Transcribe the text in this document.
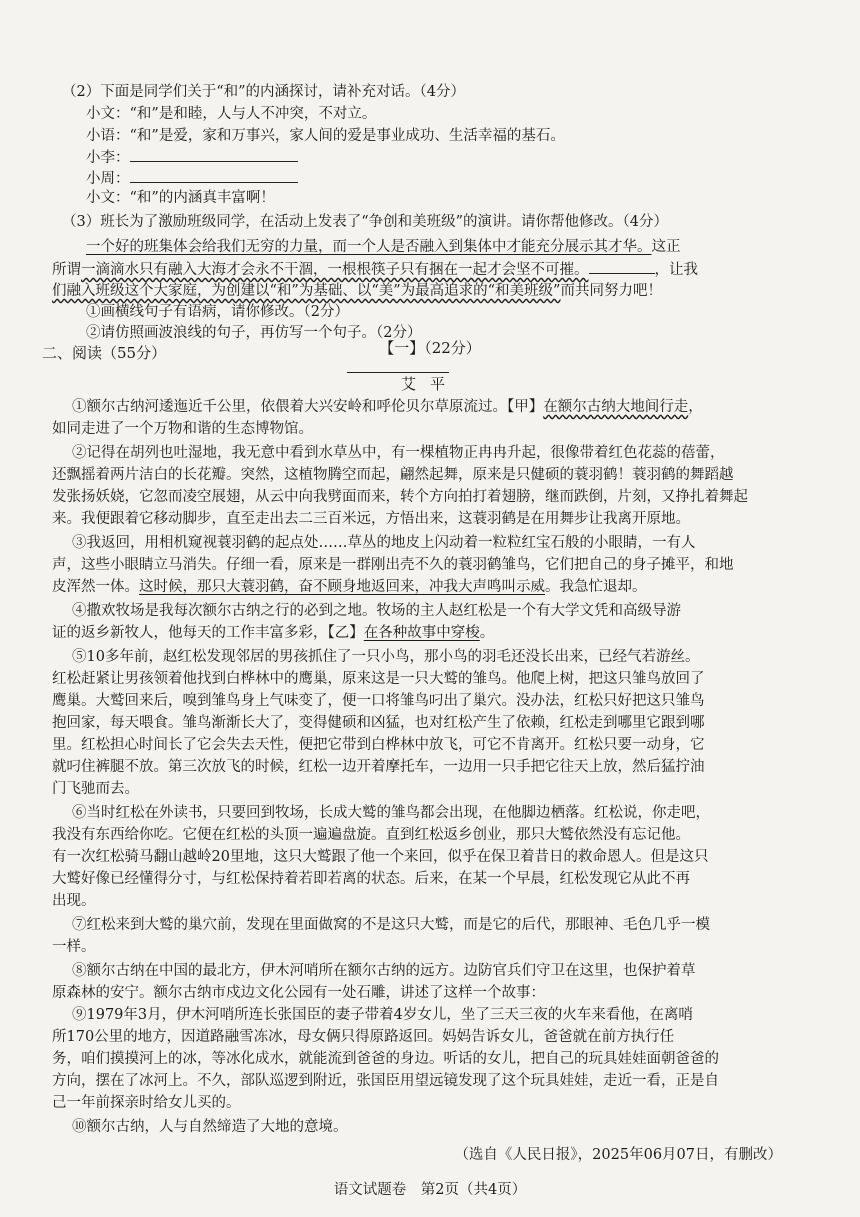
（2）下面是同学们关于“和”的内涵探讨，请补充对话。（4分）
小文：“和”是和睦，人与人不冲突，不对立。
小语：“和”是爱，家和万事兴，家人间的爱是事业成功、生活幸福的基石。
小李：
小周：
小文：“和”的内涵真丰富啊！
（3）班长为了激励班级同学，在活动上发表了“争创和美班级”的演讲。请你帮他修改。（4分）
一个好的班集体会给我们无穷的力量，而一个人是否融入到集体中才能充分展示其才华。这正
所谓一滴滴水只有融入大海才会永不干涸，一根根筷子只有捆在一起才会坚不可摧。	，让我
们融入班级这个大家庭，为创建以“和”为基础、以“美”为最高追求的“和美班级”而共同努力吧！
①画横线句子有语病，请你修改。（2分）
②请仿照画波浪线的句子，再仿写一个句子。（2分）
二、阅读（55分）	【一】（22分）
艾平
①额尔古纳河逶迤近千公里，依偎着大兴安岭和呼伦贝尔草原流过。【甲】在额尔古纳大地间行走，
如同走进了一个万物和谐的生态博物馆。
②记得在胡列也吐湿地，我无意中看到水草丛中，有一棵植物正冉冉升起，很像带着红色花蕊的蓓蕾，
还飘摇着两片洁白的长花瓣。突然，这植物腾空而起，翩然起舞，原来是只健硕的蓑羽鹤！蓑羽鹤的舞蹈越
发张扬妖娆，它忽而凌空展翅，从云中向我劈面而来，转个方向拍打着翅膀，继而跌倒，片刻，又挣扎着舞起
来。我便跟着它移动脚步，直至走出去二三百米远，方悟出来，这蓑羽鹤是在用舞步让我离开原地。
③我返回，用相机窥视蓑羽鹤的起点处……草丛的地皮上闪动着一粒粒红宝石般的小眼睛，一有人
声，这些小眼睛立马消失。仔细一看，原来是一群刚出壳不久的蓑羽鹤雏鸟，它们把自己的身子摊平，和地
皮浑然一体。这时候，那只大蓑羽鹤，奋不顾身地返回来，冲我大声鸣叫示威。我急忙退却。
④撒欢牧场是我每次额尔古纳之行的必到之地。牧场的主人赵红松是一个有大学文凭和高级导游
证的返乡新牧人，他每天的工作丰富多彩，【乙】在各种故事中穿梭。
⑤10多年前，赵红松发现邻居的男孩抓住了一只小鸟，那小鸟的羽毛还没长出来，已经气若游丝。
红松赶紧让男孩领着他找到白桦林中的鹰巢，原来这是一只大鹫的雏鸟。他爬上树，把这只雏鸟放回了
鹰巢。大鹫回来后，嗅到雏鸟身上气味变了，便一口将雏鸟叼出了巢穴。没办法，红松只好把这只雏鸟
抱回家，每天喂食。雏鸟渐渐长大了，变得健硕和凶猛，也对红松产生了依赖，红松走到哪里它跟到哪
里。红松担心时间长了它会失去天性，便把它带到白桦林中放飞，可它不肯离开。红松只要一动身，它
就叼住裤腿不放。第三次放飞的时候，红松一边开着摩托车，一边用一只手把它往天上放，然后猛拧油
门飞驰而去。
⑥当时红松在外读书，只要回到牧场，长成大鹫的雏鸟都会出现，在他脚边栖落。红松说，你走吧，
我没有东西给你吃。它便在红松的头顶一遍遍盘旋。直到红松返乡创业，那只大鹫依然没有忘记他。
有一次红松骑马翻山越岭20里地，这只大鹫跟了他一个来回，似乎在保卫着昔日的救命恩人。但是这只
大鹫好像已经懂得分寸，与红松保持着若即若离的状态。后来，在某一个早晨，红松发现它从此不再
出现。
⑦红松来到大鹫的巢穴前，发现在里面做窝的不是这只大鹫，而是它的后代，那眼神、毛色几乎一模
一样。
⑧额尔古纳在中国的最北方，伊木河哨所在额尔古纳的远方。边防官兵们守卫在这里，也保护着草
原森林的安宁。额尔古纳市戍边文化公园有一处石雕，讲述了这样一个故事：
⑨1979年3月，伊木河哨所连长张国臣的妻子带着4岁女儿，坐了三天三夜的火车来看他，在离哨
所170公里的地方，因道路融雪冻冰，母女俩只得原路返回。妈妈告诉女儿，爸爸就在前方执行任
务，咱们摸摸河上的冰，等冰化成水，就能流到爸爸的身边。听话的女儿，把自己的玩具娃娃面朝爸爸的
方向，摆在了冰河上。不久，部队巡逻到附近，张国臣用望远镜发现了这个玩具娃娃，走近一看，正是自
己一年前探亲时给女儿买的。
⑩额尔古纳，人与自然缔造了大地的意境。
（选自《人民日报》，2025年06月07日，有删改）
语文试题卷　第2页（共4页）
